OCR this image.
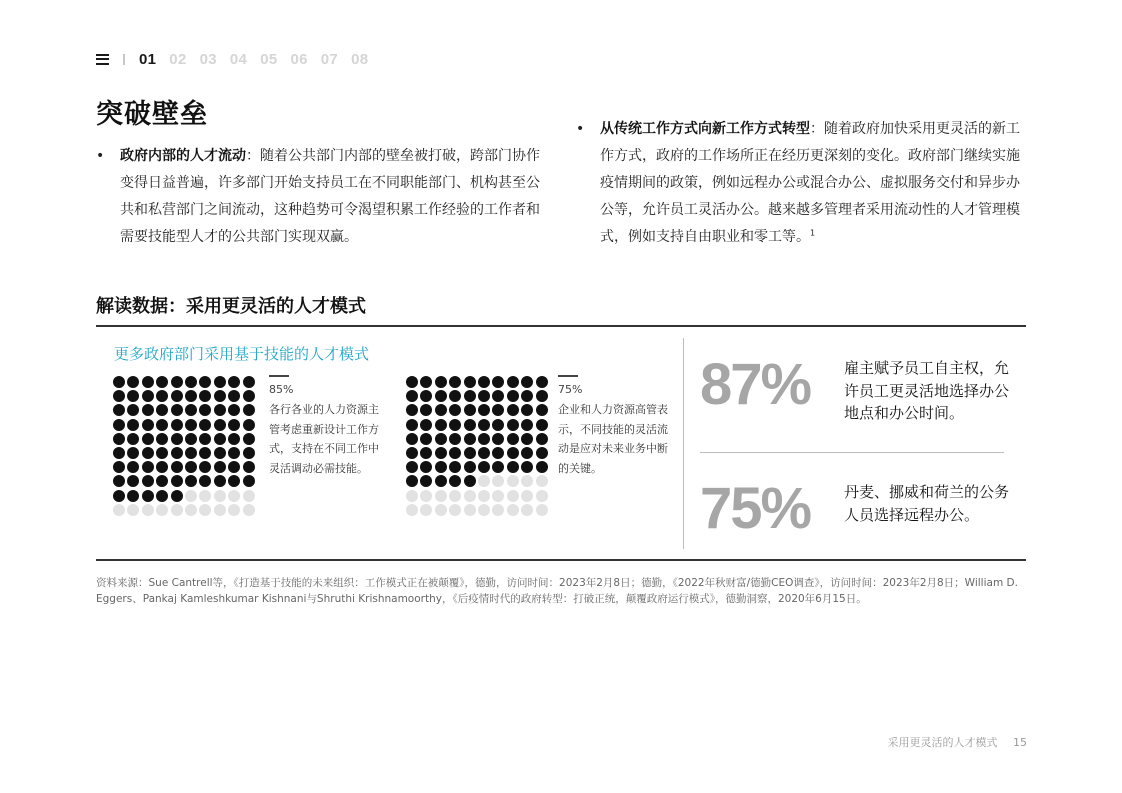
01 02 03 04 05 06 07 08
突破壁垒
•	政府内部的人才流动：随着公共部门内部的壁垒被打破，跨部门协作变得日益普遍，许多部门开始支持员工在不同职能部门、机构甚至公共和私营部门之间流动，这种趋势可令渴望积累工作经验的工作者和需要技能型人才的公共部门实现双赢。
•	从传统工作方式向新工作方式转型：随着政府加快采用更灵活的新工作方式，政府的工作场所正在经历更深刻的变化。政府部门继续实施疫情期间的政策，例如远程办公或混合办公、虚拟服务交付和异步办公等，允许员工灵活办公。越来越多管理者采用流动性的人才管理模式，例如支持自由职业和零工等。$^1$
解读数据：采用更灵活的人才模式
更多政府部门采用基于技能的人才模式
85%
各行各业的人力资源主管考虑重新设计工作方式，支持在不同工作中灵活调动必需技能。
75%
企业和人力资源高管表示，不同技能的灵活流动是应对未来业务中断的关键。
87% 雇主赋予员工自主权，允许员工更灵活地选择办公地点和办公时间。
75% 丹麦、挪威和荷兰的公务人员选择远程办公。

资料来源：Sue Cantrell等，《打造基于技能的未来组织：工作模式正在被颠覆》，德勤，访问时间：2023年2月8日；德勤，《2022年秋财富/德勤CEO调查》，访问时间：2023年2月8日；William D. Eggers、Pankaj Kamleshkumar Kishnani与Shruthi Krishnamoorthy，《后疫情时代的政府转型：打破正统，颠覆政府运行模式》，德勤洞察，2020年6月15日。

采用更灵活的人才模式 15
